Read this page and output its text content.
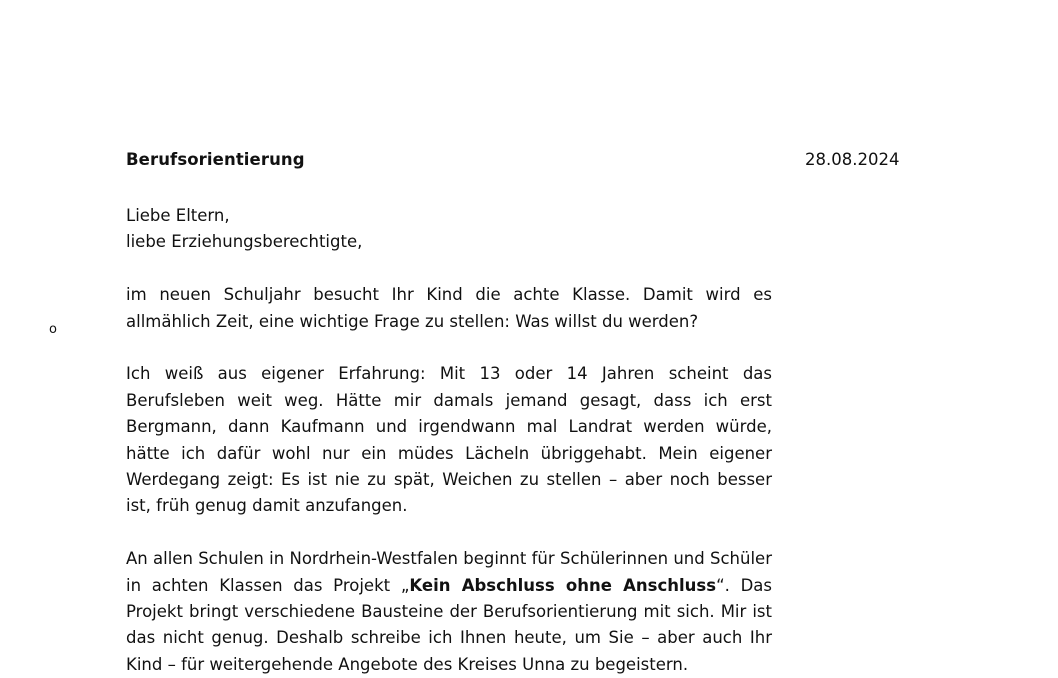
Berufsorientierung	28.08.2024
o

Liebe Eltern,

liebe Erziehungsberechtigte,

im neuen Schuljahr besucht Ihr Kind die achte Klasse. Damit wird es allmählich Zeit, eine wichtige Frage zu stellen: Was willst du werden?

Ich weiß aus eigener Erfahrung: Mit 13 oder 14 Jahren scheint das Berufsleben weit weg. Hätte mir damals jemand gesagt, dass ich erst Bergmann, dann Kaufmann und irgendwann mal Landrat werden würde, hätte ich dafür wohl nur ein müdes Lächeln übriggehabt. Mein eigener Werdegang zeigt: Es ist nie zu spät, Weichen zu stellen – aber noch besser ist, früh genug damit anzufangen.

An allen Schulen in Nordrhein-Westfalen beginnt für Schülerinnen und Schüler in achten Klassen das Projekt „Kein Abschluss ohne Anschluss“. Das Projekt bringt verschiedene Bausteine der Berufsorientierung mit sich. Mir ist das nicht genug. Deshalb schreibe ich Ihnen heute, um Sie – aber auch Ihr Kind – für weitergehende Angebote des Kreises Unna zu begeistern.
